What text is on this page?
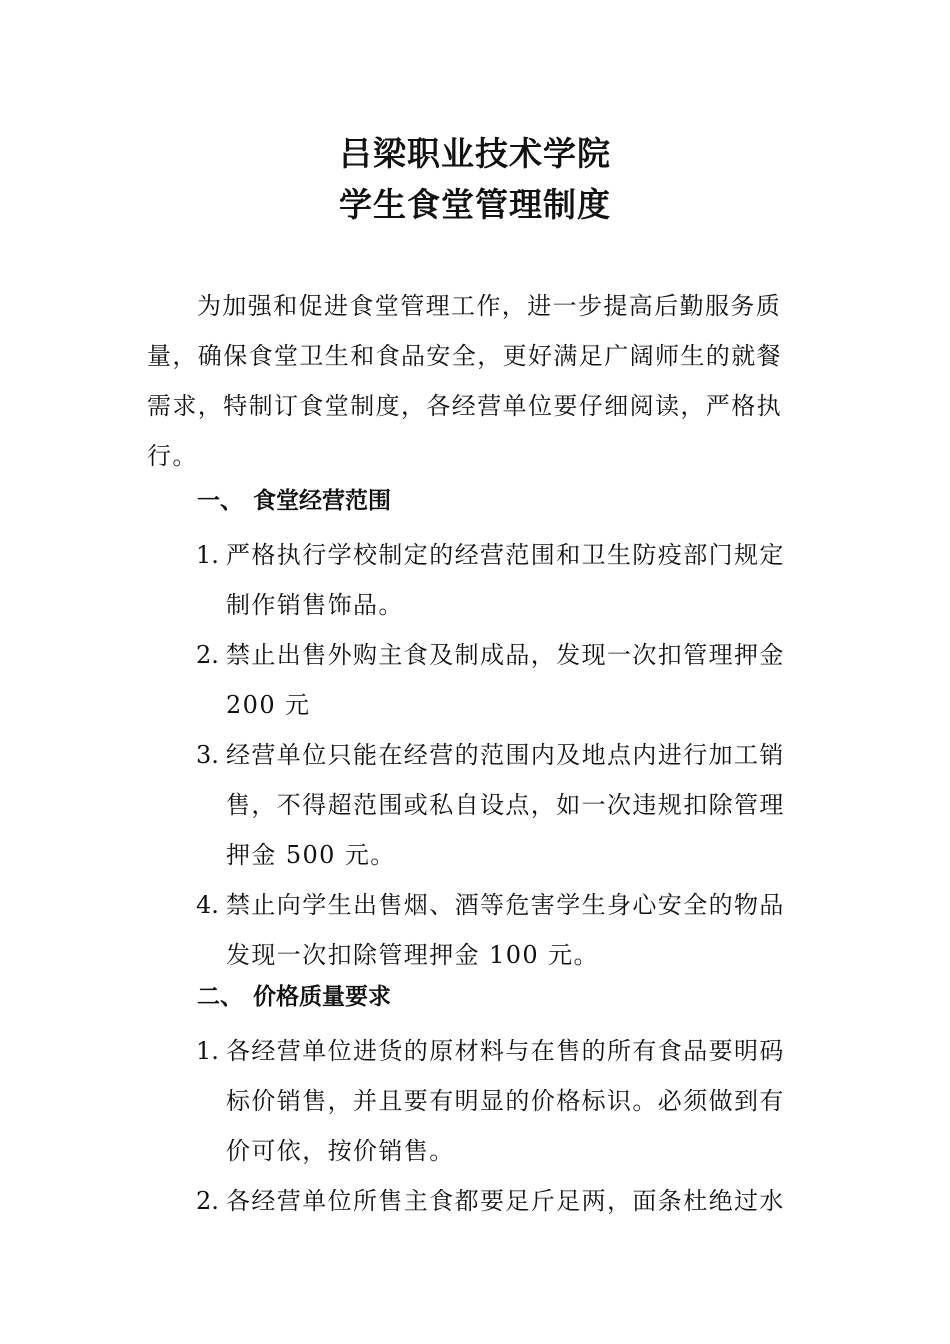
吕梁职业技术学院
学生食堂管理制度

为加强和促进食堂管理工作，进一步提高后勤服务质量，确保食堂卫生和食品安全，更好满足广阔师生的就餐需求，特制订食堂制度，各经营单位要仔细阅读，严格执行。

一、 食堂经营范围
1. 严格执行学校制定的经营范围和卫生防疫部门规定制作销售饰品。
2. 禁止出售外购主食及制成品，发现一次扣管理押金 200 元
3. 经营单位只能在经营的范围内及地点内进行加工销售，不得超范围或私自设点，如一次违规扣除管理押金 500 元。
4. 禁止向学生出售烟、酒等危害学生身心安全的物品发现一次扣除管理押金 100 元。
二、 价格质量要求
1. 各经营单位进货的原材料与在售的所有食品要明码标价销售，并且要有明显的价格标识。必须做到有价可依，按价销售。
2. 各经营单位所售主食都要足斤足两，面条杜绝过水
